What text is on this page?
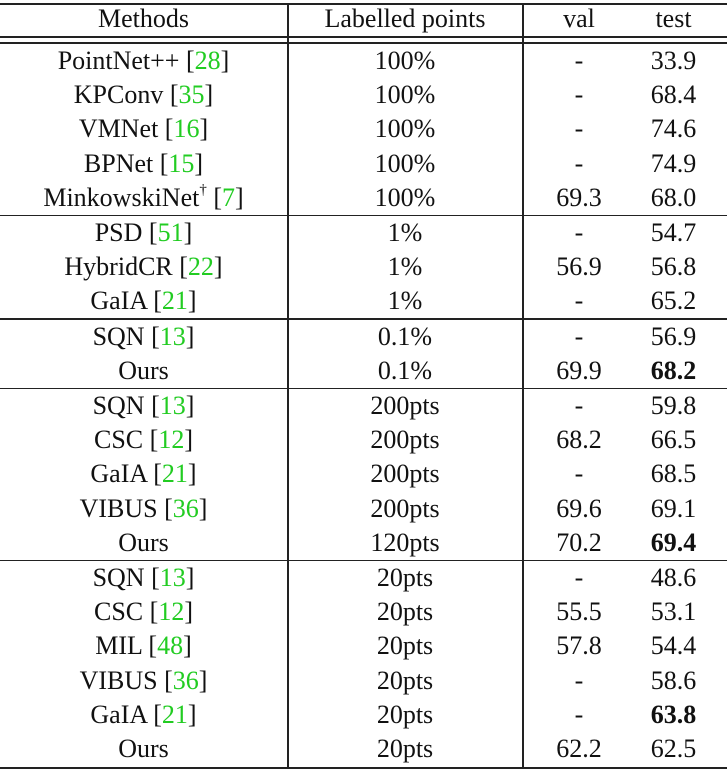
Methods	Labelled points	val	test
PointNet++ [28]	100%	-	33.9
KPConv [35]	100%	-	68.4
VMNet [16]	100%	-	74.6
BPNet [15]	100%	-	74.9
MinkowskiNet† [7]	100%	69.3	68.0
PSD [51]	1%	-	54.7
HybridCR [22]	1%	56.9	56.8
GaIA [21]	1%	-	65.2
SQN [13]	0.1%	-	56.9
Ours	0.1%	69.9	68.2
SQN [13]	200pts	-	59.8
CSC [12]	200pts	68.2	66.5
GaIA [21]	200pts	-	68.5
VIBUS [36]	200pts	69.6	69.1
Ours	120pts	70.2	69.4
SQN [13]	20pts	-	48.6
CSC [12]	20pts	55.5	53.1
MIL [48]	20pts	57.8	54.4
VIBUS [36]	20pts	-	58.6
GaIA [21]	20pts	-	63.8
Ours	20pts	62.2	62.5
